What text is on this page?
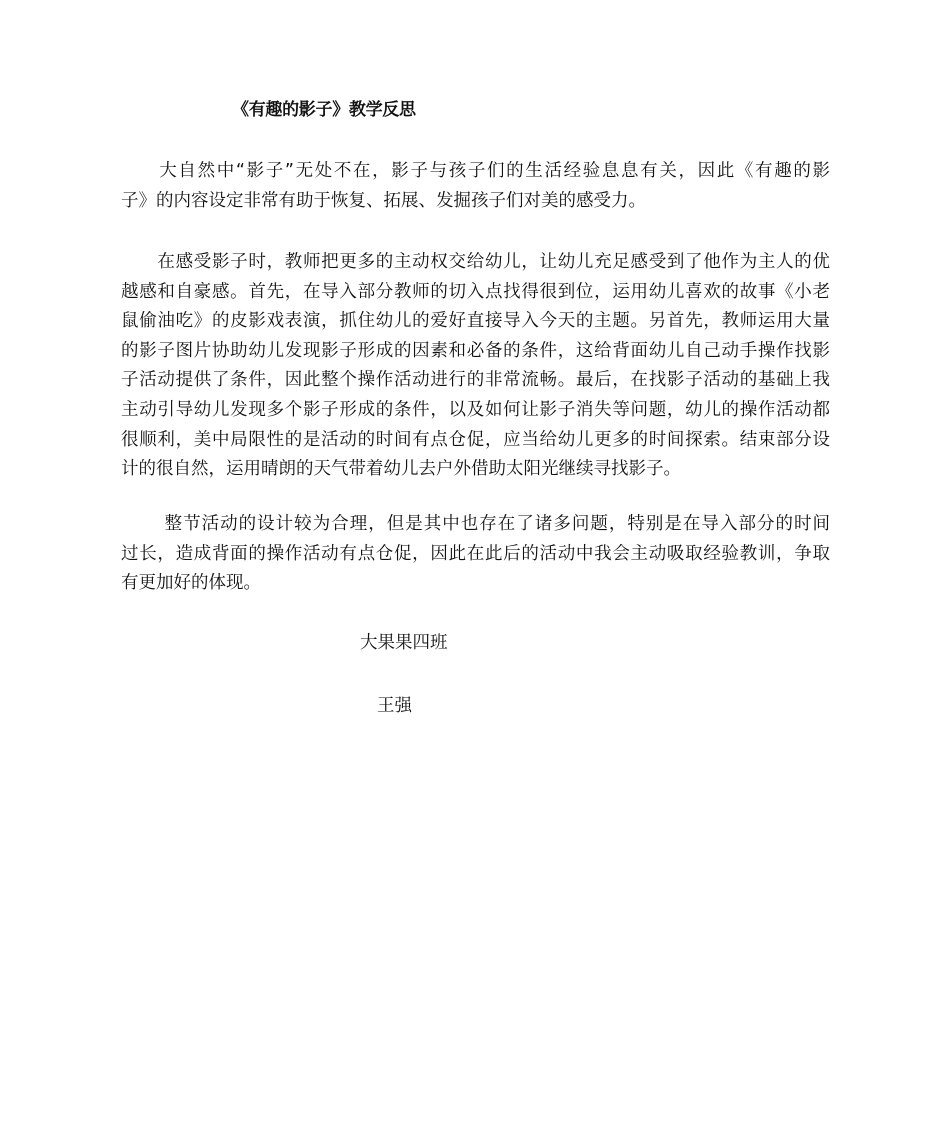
《有趣的影子》教学反思

　　大自然中“影子”无处不在，影子与孩子们的生活经验息息有关，因此《有趣的影
子》的内容设定非常有助于恢复、拓展、发掘孩子们对美的感受力。

　　在感受影子时，教师把更多的主动权交给幼儿，让幼儿充足感受到了他作为主人的优
越感和自豪感。首先，在导入部分教师的切入点找得很到位，运用幼儿喜欢的故事《小老
鼠偷油吃》的皮影戏表演，抓住幼儿的爱好直接导入今天的主题。另首先，教师运用大量
的影子图片协助幼儿发现影子形成的因素和必备的条件，这给背面幼儿自己动手操作找影
子活动提供了条件，因此整个操作活动进行的非常流畅。最后，在找影子活动的基础上我
主动引导幼儿发现多个影子形成的条件，以及如何让影子消失等问题，幼儿的操作活动都
很顺利，美中局限性的是活动的时间有点仓促，应当给幼儿更多的时间探索。结束部分设
计的很自然，运用晴朗的天气带着幼儿去户外借助太阳光继续寻找影子。

　　 整节活动的设计较为合理，但是其中也存在了诸多问题，特别是在导入部分的时间
过长，造成背面的操作活动有点仓促，因此在此后的活动中我会主动吸取经验教训，争取
有更加好的体现。

大果果四班
王强
